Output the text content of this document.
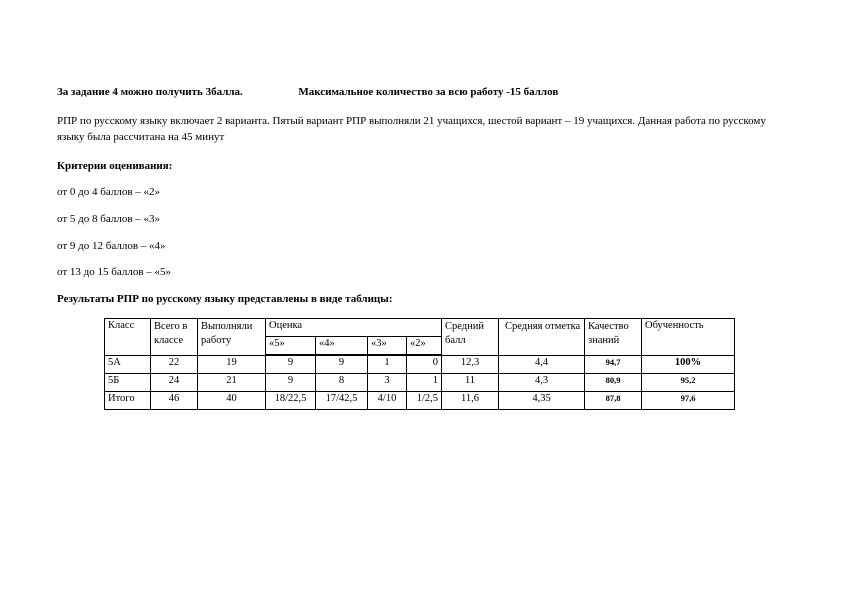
За задание 4 можно получить 3балла.	Максимальное количество за всю работу -15 баллов
РПР по русскому языку включает 2 варианта. Пятый вариант РПР выполняли 21 учащихся, шестой вариант – 19 учащихся. Данная работа по русскому языку была рассчитана на 45 минут
Критерии оценивания:
от 0 до 4 баллов – «2»
от 5 до 8 баллов – «3»
от 9 до 12 баллов – «4»
от 13 до 15 баллов – «5»
Результаты РПР по русскому языку представлены в виде таблицы:
Класс	Всего в классе	Выполняли работу	Оценка				Средний балл	Средняя отметка	Качество знаний	Обученность
			«5»	«4»	«3»	«2»				
5А	22	19	9	9	1	0	12,3	4,4	94,7	100%
5Б	24	21	9	8	3	1	11	4,3	80,9	95,2
Итого	46	40	18/22,5	17/42,5	4/10	1/2,5	11,6	4,35	87,8	97,6
